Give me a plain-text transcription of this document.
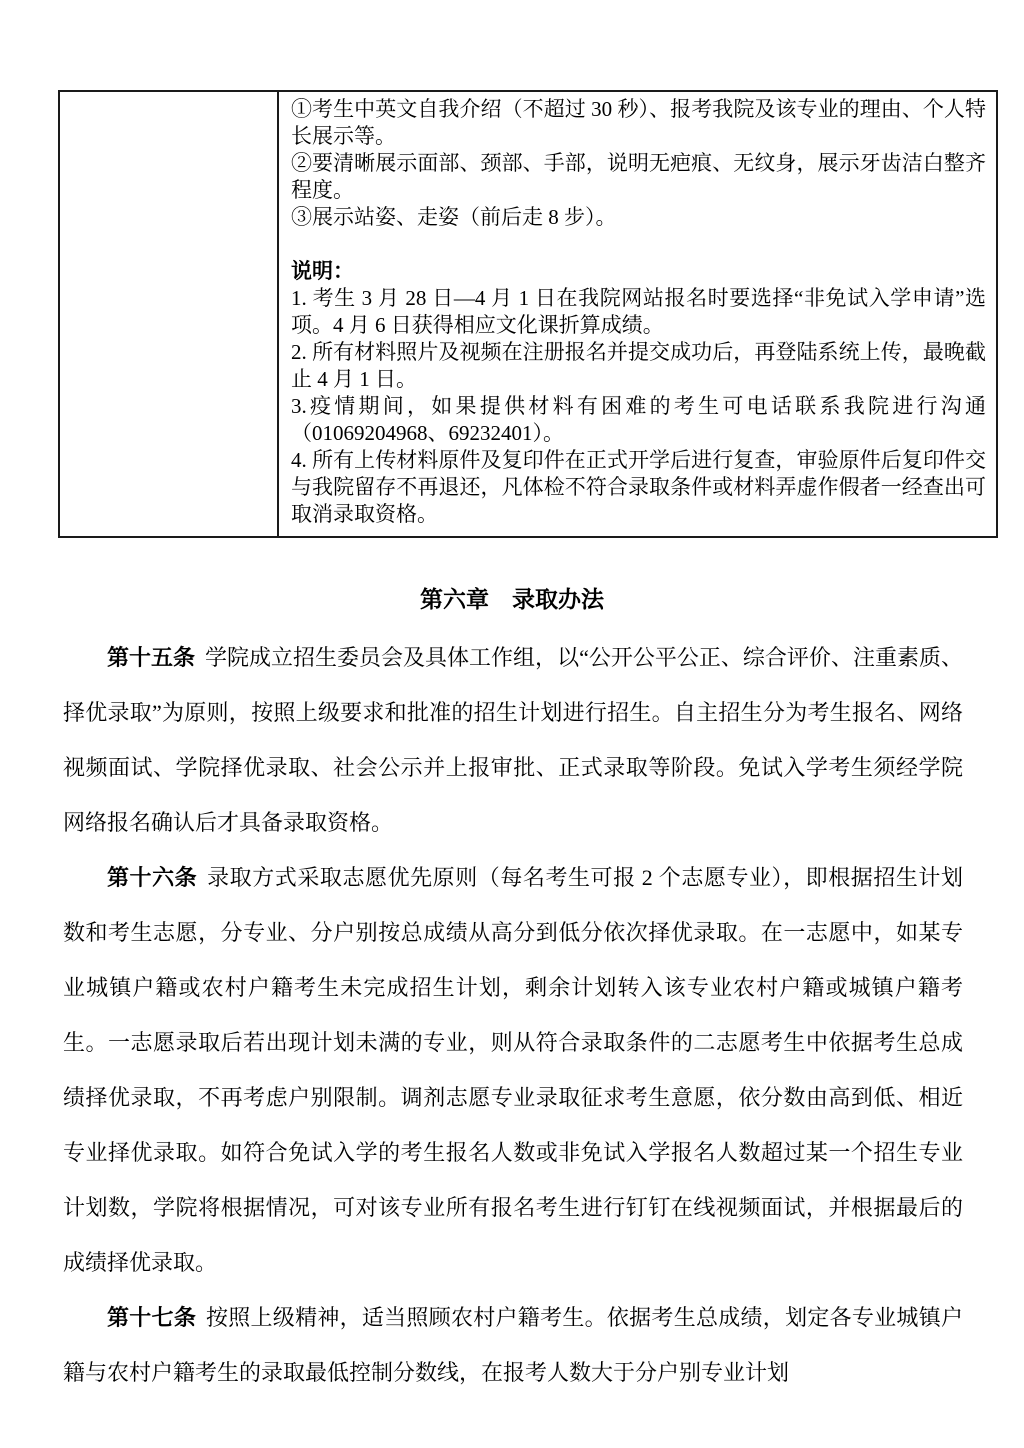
①考生中英文自我介绍（不超过 30 秒）、报考我院及该专业的理由、个人特长展示等。

②要清晰展示面部、颈部、手部，说明无疤痕、无纹身，展示牙齿洁白整齐程度。

③展示站姿、走姿（前后走 8 步）。

说明：

1. 考生 3 月 28 日—4 月 1 日在我院网站报名时要选择“非免试入学申请”选项。4 月 6 日获得相应文化课折算成绩。

2. 所有材料照片及视频在注册报名并提交成功后，再登陆系统上传，最晚截止 4 月 1 日。

3.疫情期间，如果提供材料有困难的考生可电话联系我院进行沟通（01069204968、69232401）。

4. 所有上传材料原件及复印件在正式开学后进行复查，审验原件后复印件交与我院留存不再退还，凡体检不符合录取条件或材料弄虚作假者一经查出可取消录取资格。

第六章　录取办法

第十五条 学院成立招生委员会及具体工作组，以“公开公平公正、综合评价、注重素质、择优录取”为原则，按照上级要求和批准的招生计划进行招生。自主招生分为考生报名、网络视频面试、学院择优录取、社会公示并上报审批、正式录取等阶段。免试入学考生须经学院网络报名确认后才具备录取资格。

第十六条 录取方式采取志愿优先原则（每名考生可报 2 个志愿专业），即根据招生计划数和考生志愿，分专业、分户别按总成绩从高分到低分依次择优录取。在一志愿中，如某专业城镇户籍或农村户籍考生未完成招生计划，剩余计划转入该专业农村户籍或城镇户籍考生。一志愿录取后若出现计划未满的专业，则从符合录取条件的二志愿考生中依据考生总成绩择优录取，不再考虑户别限制。调剂志愿专业录取征求考生意愿，依分数由高到低、相近专业择优录取。如符合免试入学的考生报名人数或非免试入学报名人数超过某一个招生专业计划数，学院将根据情况，可对该专业所有报名考生进行钉钉在线视频面试，并根据最后的成绩择优录取。

第十七条 按照上级精神，适当照顾农村户籍考生。依据考生总成绩，划定各专业城镇户籍与农村户籍考生的录取最低控制分数线，在报考人数大于分户别专业计划
